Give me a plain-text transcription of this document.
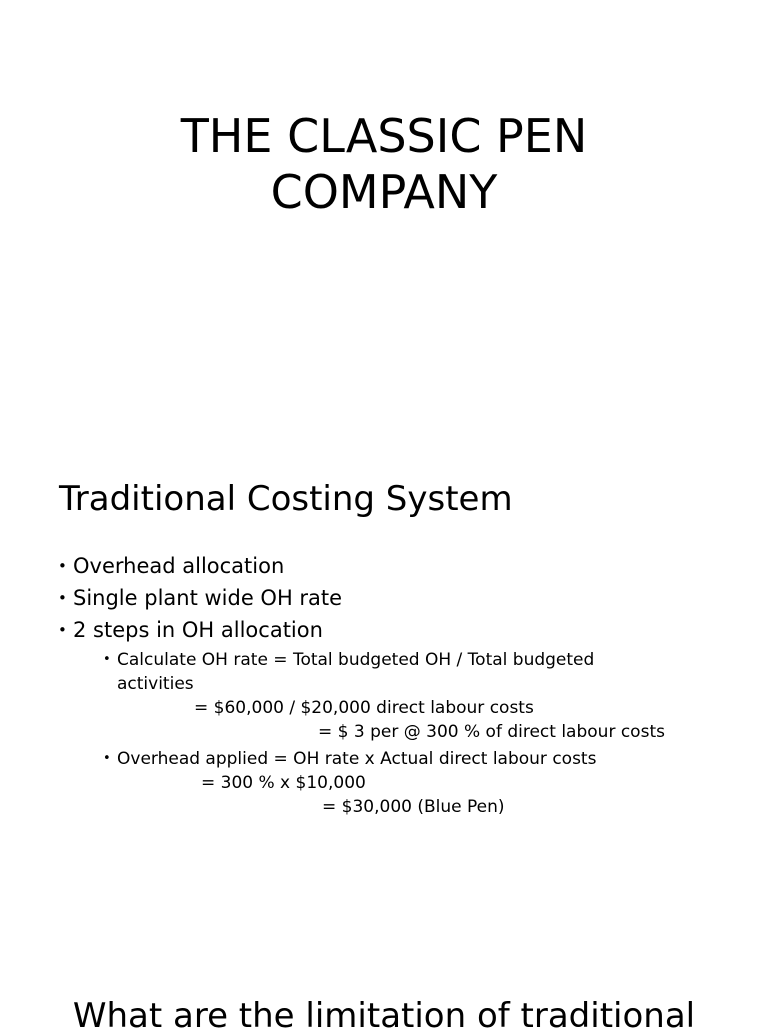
THE CLASSIC PEN
COMPANY
Traditional Costing System
• Overhead allocation
• Single plant wide OH rate
• 2 steps in OH allocation
• Calculate OH rate = Total budgeted OH / Total budgeted
activities
= $60,000 / $20,000 direct labour costs
= $ 3 per @ 300 % of direct labour costs
• Overhead applied = OH rate x Actual direct labour costs
= 300 % x $10,000
= $30,000 (Blue Pen)
What are the limitation of traditional
